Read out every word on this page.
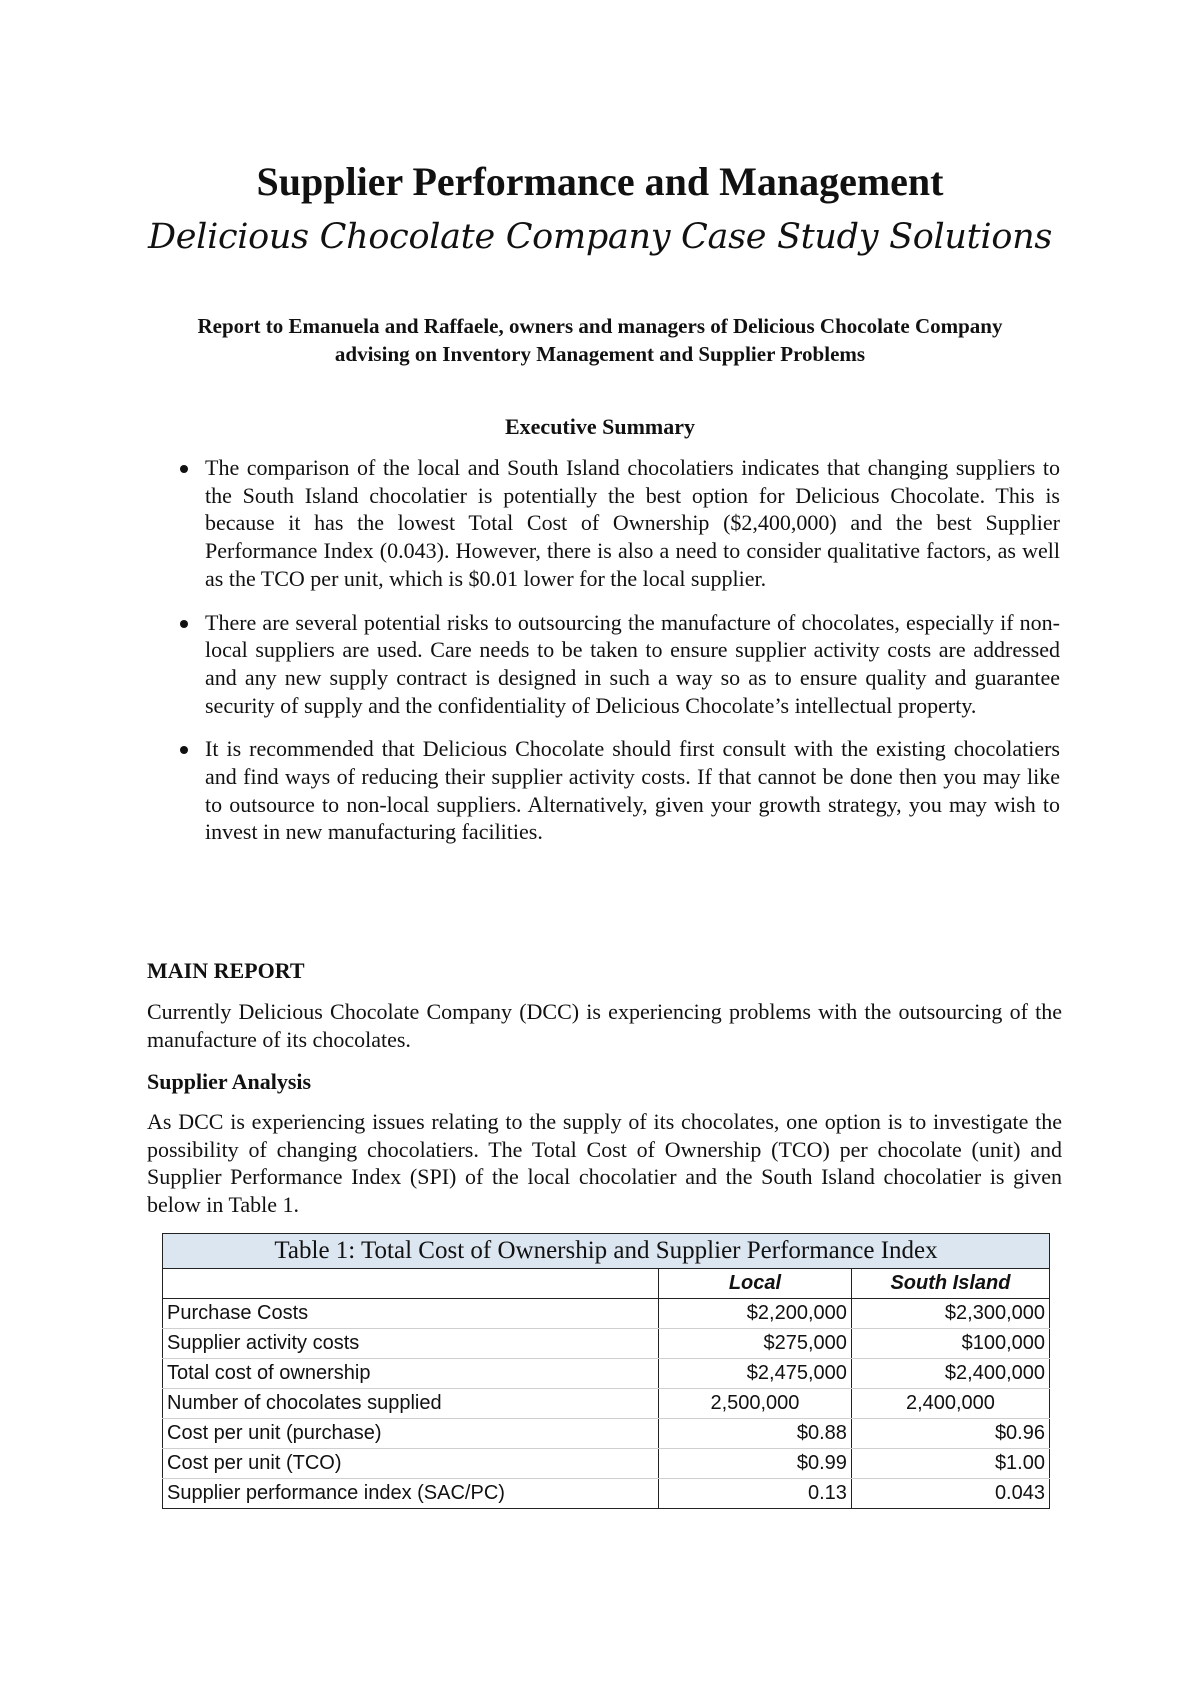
Supplier Performance and Management
Delicious Chocolate Company Case Study Solutions
Report to Emanuela and Raffaele, owners and managers of Delicious Chocolate Company advising on Inventory Management and Supplier Problems
Executive Summary
The comparison of the local and South Island chocolatiers indicates that changing suppliers to the South Island chocolatier is potentially the best option for Delicious Chocolate. This is because it has the lowest Total Cost of Ownership ($2,400,000) and the best Supplier Performance Index (0.043). However, there is also a need to consider qualitative factors, as well as the TCO per unit, which is $0.01 lower for the local supplier.
There are several potential risks to outsourcing the manufacture of chocolates, especially if non-local suppliers are used. Care needs to be taken to ensure supplier activity costs are addressed and any new supply contract is designed in such a way so as to ensure quality and guarantee security of supply and the confidentiality of Delicious Chocolate’s intellectual property.
It is recommended that Delicious Chocolate should first consult with the existing chocolatiers and find ways of reducing their supplier activity costs. If that cannot be done then you may like to outsource to non-local suppliers. Alternatively, given your growth strategy, you may wish to invest in new manufacturing facilities.
MAIN REPORT
Currently Delicious Chocolate Company (DCC) is experiencing problems with the outsourcing of the manufacture of its chocolates.
Supplier Analysis
As DCC is experiencing issues relating to the supply of its chocolates, one option is to investigate the possibility of changing chocolatiers. The Total Cost of Ownership (TCO) per chocolate (unit) and Supplier Performance Index (SPI) of the local chocolatier and the South Island chocolatier is given below in Table 1.
Table 1: Total Cost of Ownership and Supplier Performance Index		
	Local	South Island
Purchase Costs	$2,200,000	$2,300,000
Supplier activity costs	$275,000	$100,000
Total cost of ownership	$2,475,000	$2,400,000
Number of chocolates supplied	2,500,000	2,400,000
Cost per unit (purchase)	$0.88	$0.96
Cost per unit (TCO)	$0.99	$1.00
Supplier performance index (SAC/PC)	0.13	0.043
